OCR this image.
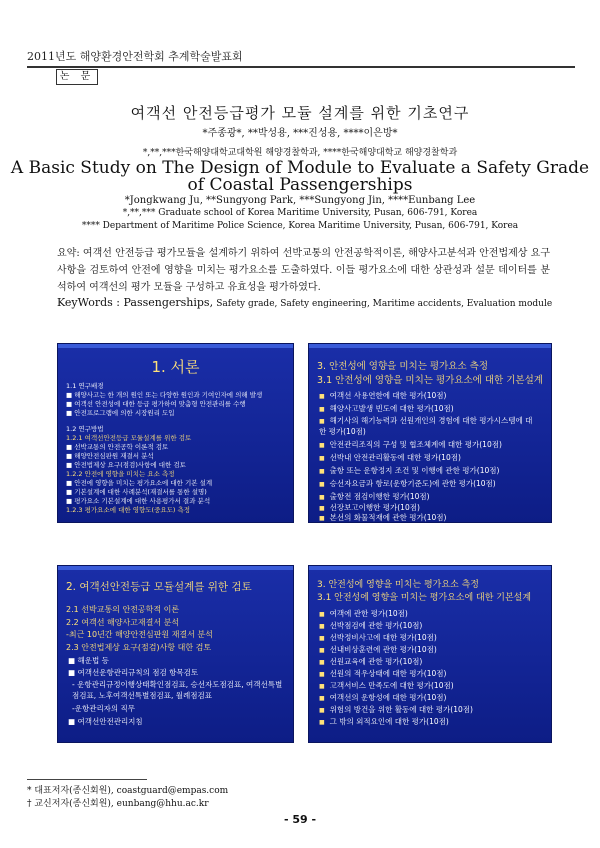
2011년도 해양환경안전학회 추계학술발표회
논 문
여객선 안전등급평가 모듈 설계를 위한 기초연구
*주종광*, **박성용, ***진성용, ****이은방*
*,**,***한국해양대학교대학원 해양경찰학과, ****한국해양대학교 해양경찰학과
A Basic Study on The Design of Module to Evaluate a Safety Grade
of Coastal Passengerships
*Jongkwang Ju, **Sungyong Park, ***Sungyong Jin, ****Eunbang Lee
*,**,*** Graduate school of Korea Maritime University, Pusan, 606-791, Korea
**** Department of Maritime Police Science, Korea Maritime University, Pusan, 606-791, Korea
요약: 여객선 안전등급 평가모듈을 설계하기 위하여 선박교통의 안전공학적이론, 해양사고분석과 안전법제상 요구사항을 검토하여 안전에 영향을 미치는 평가요소를 도출하였다. 이들 평가요소에 대한 상관성과 설문 데이터를 분석하여 여객선의 평가 모듈을 구성하고 유효성을 평가하였다.
KeyWords : Passengerships, Safety grade, Safety engineering, Maritime accidents, Evaluation module
1. 서론
1.1 연구배경
■ 해양사고는 한 개의 원인 또는 다양한 원인과 기여인자에 의해 발생
■ 여객선 안전성에 대한 등급 평가하여 맞춤형 안전관리를 수행
■ 안전프로그램에 의한 시장원리 도입
1.2 연구방법
1.2.1 여객선안전등급 모듈설계를 위한 검토
■ 선박교통의 안전공학 이론적 검토
■ 해양안전심판원 재결서 분석
■ 안전법제상 요구(점검)사항에 대한 검토
1.2.2 안전에 영향을 미치는 요소 측정
■ 안전에 영향을 미치는 평가요소에 대한 기본 설계
■ 기본설계에 대한 사례분석(재결서를 통한 설명)
■ 평가요소 기본설계에 대한 사용평가서 결과 분석
1.2.3 평가요소에 대한 영향도(중요도) 측정
3. 안전성에 영향을 미치는 평가요소 측정
3.1 안전성에 영향을 미치는 평가요소에 대한 기본설계
■ 여객선 사용연한에 대한 평가(10점)
■ 해양사고발생 빈도에 대한 평가(10점)
■ 해기사의 해기능력과 선원개인의 경험에 대한 평가시스템에 대한 평가(10점)
■ 안전관리조직의 구성 및 협조체계에 대한 평가(10점)
■ 선박내 안전관리활동에 대한 평가(10점)
■ 출항 또는 운항정지 조건 및 이행에 관한 평가(10점)
■ 승선자요금과 항로(운항기준도)에 관한 평가(10점)
■ 출항전 점검이행한 평가(10점)
■ 선장보고이행한 평가(10점)
■ 본선의 화물적재에 관한 평가(10점)
2. 여객선안전등급 모듈설계를 위한 검토
2.1 선박교통의 안전공학적 이론
2.2 여객선 해양사고재결서 분석
-최근 10년간 해양안전심판원 재결서 분석
2.3 안전법제상 요구(점검)사항 대한 검토
■ 해운법 등
■ 여객선운항관리규칙의 점검 항목검토
- 운항관리규정이행상태확인점검표, 승선자도점검표, 여객선특별점검표, 노후여객선특별점검표, 월례점검표
-운항관리자의 직무
■ 여객선안전관리지침
3. 안전성에 영향을 미치는 평가요소 측정
3.1 안전성에 영향을 미치는 평가요소에 대한 기본설계
■ 여객에 관한 평가(10점)
■ 선박점검에 관한 평가(10점)
■ 선박정비사고에 대한 평가(10점)
■ 선내비상훈련에 관한 평가(10점)
■ 선원교육에 관한 평가(10점)
■ 선원의 적우상태에 대한 평가(10점)
■ 고객서비스 만족도에 대한 평가(10점)
■ 여객선의 운항성에 대한 평가(10점)
■ 위험의 방건을 위한 활동에 대한 평가(10점)
■ 그 밖의 외적요인에 대한 평가(10점)
* 대표저자(종신회원), coastguard@empas.com
† 교신저자(종신회원), eunbang@hhu.ac.kr
- 59 -
